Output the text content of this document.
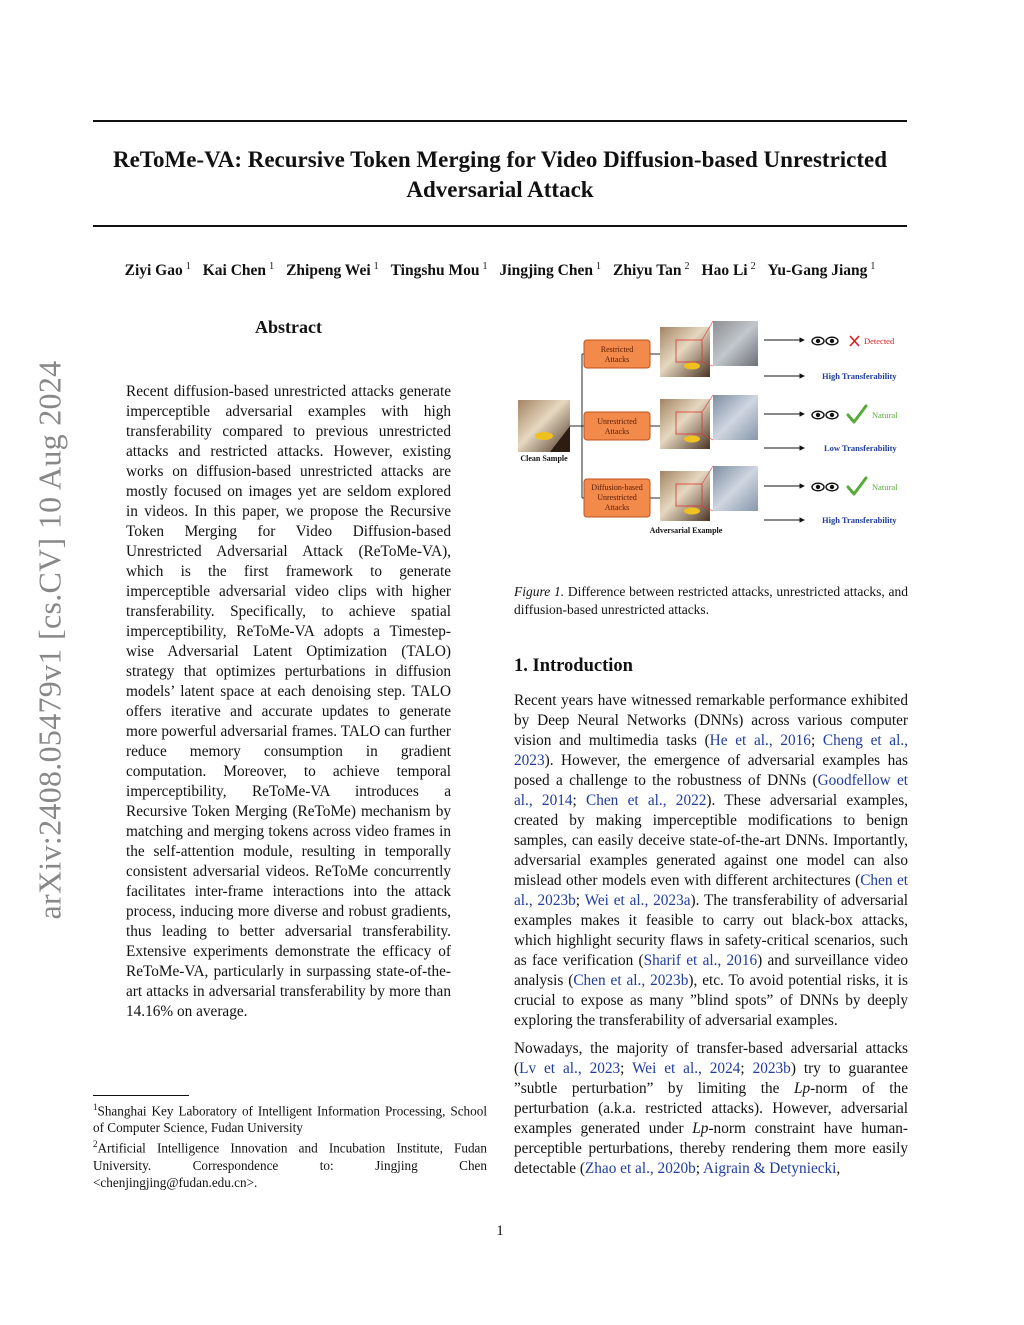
arXiv:2408.05479v1 [cs.CV] 10 Aug 2024
ReToMe-VA: Recursive Token Merging for Video Diffusion-based Unrestricted
Adversarial Attack
Ziyi Gao $^1$ Kai Chen $^1$ Zhipeng Wei $^1$ Tingshu Mou $^1$ Jingjing Chen $^1$ Zhiyu Tan $^2$ Hao Li $^2$ Yu-Gang Jiang $^1$
Abstract
Recent diffusion-based unrestricted attacks generate imperceptible adversarial examples with high transferability compared to previous unrestricted attacks and restricted attacks. However, existing works on diffusion-based unrestricted attacks are mostly focused on images yet are seldom explored in videos. In this paper, we propose the Recursive Token Merging for Video Diffusion-based Unrestricted Adversarial Attack (ReToMe-VA), which is the first framework to generate imperceptible adversarial video clips with higher transferability. Specifically, to achieve spatial imperceptibility, ReToMe-VA adopts a Timestep-wise Adversarial Latent Optimization (TALO) strategy that optimizes perturbations in diffusion models’ latent space at each denoising step. TALO offers iterative and accurate updates to generate more powerful adversarial frames. TALO can further reduce memory consumption in gradient computation. Moreover, to achieve temporal imperceptibility, ReToMe-VA introduces a Recursive Token Merging (ReToMe) mechanism by matching and merging tokens across video frames in the self-attention module, resulting in temporally consistent adversarial videos. ReToMe concurrently facilitates inter-frame interactions into the attack process, inducing more diverse and robust gradients, thus leading to better adversarial transferability. Extensive experiments demonstrate the efficacy of ReToMe-VA, particularly in surpassing state-of-the-art attacks in adversarial transferability by more than 14.16% on average.
$^1$Shanghai Key Laboratory of Intelligent Information Processing, School of Computer Science, Fudan University
$^2$Artificial Intelligence Innovation and Incubation Institute, Fudan University. Correspondence to: Jingjing Chen <chenjingjing@fudan.edu.cn>.
Clean Sample
Restricted
Attacks
Unrestricted
Attacks
Diffusion-based
Unrestricted
Attacks
Adversarial Example
Detected
High Transferability
Natural
Low Transferability
Natural
High Transferability
Figure 1. Difference between restricted attacks, unrestricted attacks, and diffusion-based unrestricted attacks.
1. Introduction

Recent years have witnessed remarkable performance exhibited by Deep Neural Networks (DNNs) across various computer vision and multimedia tasks (He et al., 2016; Cheng et al., 2023). However, the emergence of adversarial examples has posed a challenge to the robustness of DNNs (Goodfellow et al., 2014; Chen et al., 2022). These adversarial examples, created by making imperceptible modifications to benign samples, can easily deceive state-of-the-art DNNs. Importantly, adversarial examples generated against one model can also mislead other models even with different architectures (Chen et al., 2023b; Wei et al., 2023a). The transferability of adversarial examples makes it feasible to carry out black-box attacks, which highlight security flaws in safety-critical scenarios, such as face verification (Sharif et al., 2016) and surveillance video analysis (Chen et al., 2023b), etc. To avoid potential risks, it is crucial to expose as many ”blind spots” of DNNs by deeply exploring the transferability of adversarial examples.

Nowadays, the majority of transfer-based adversarial attacks (Lv et al., 2023; Wei et al., 2024; 2023b) try to guarantee ”subtle perturbation” by limiting the Lp-norm of the perturbation (a.k.a. restricted attacks). However, adversarial examples generated under Lp-norm constraint have human-perceptible perturbations, thereby rendering them more easily detectable (Zhao et al., 2020b; Aigrain & Detyniecki,

1
